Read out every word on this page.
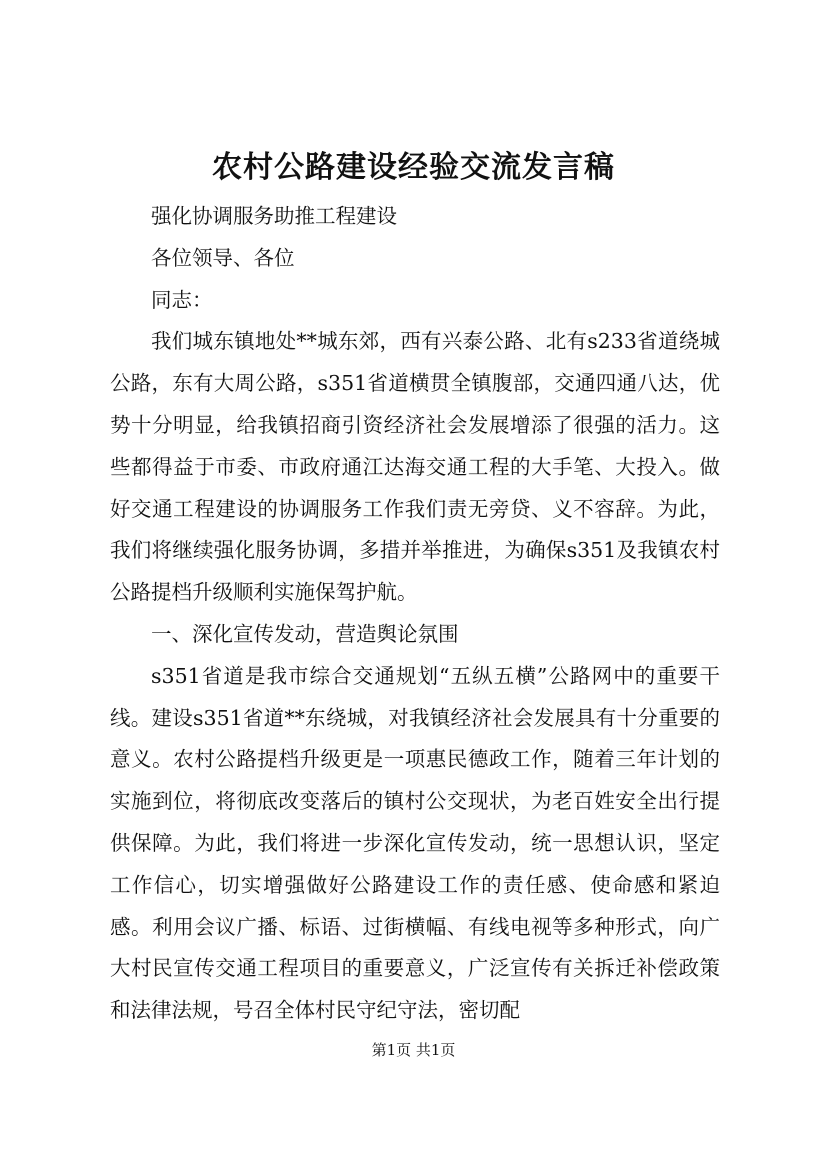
农村公路建设经验交流发言稿

强化协调服务助推工程建设

各位领导、各位

同志：

我们城东镇地处**城东郊，西有兴泰公路、北有s233省道绕城公路，东有大周公路，s351省道横贯全镇腹部，交通四通八达，优势十分明显，给我镇招商引资经济社会发展增添了很强的活力。这些都得益于市委、市政府通江达海交通工程的大手笔、大投入。做好交通工程建设的协调服务工作我们责无旁贷、义不容辞。为此，我们将继续强化服务协调，多措并举推进，为确保s351及我镇农村公路提档升级顺利实施保驾护航。

一、深化宣传发动，营造舆论氛围

s351省道是我市综合交通规划“五纵五横”公路网中的重要干线。建设s351省道**东绕城，对我镇经济社会发展具有十分重要的意义。农村公路提档升级更是一项惠民德政工作，随着三年计划的实施到位，将彻底改变落后的镇村公交现状，为老百姓安全出行提供保障。为此，我们将进一步深化宣传发动，统一思想认识，坚定工作信心，切实增强做好公路建设工作的责任感、使命感和紧迫感。利用会议广播、标语、过街横幅、有线电视等多种形式，向广大村民宣传交通工程项目的重要意义，广泛宣传有关拆迁补偿政策和法律法规，号召全体村民守纪守法，密切配

第1页 共1页
